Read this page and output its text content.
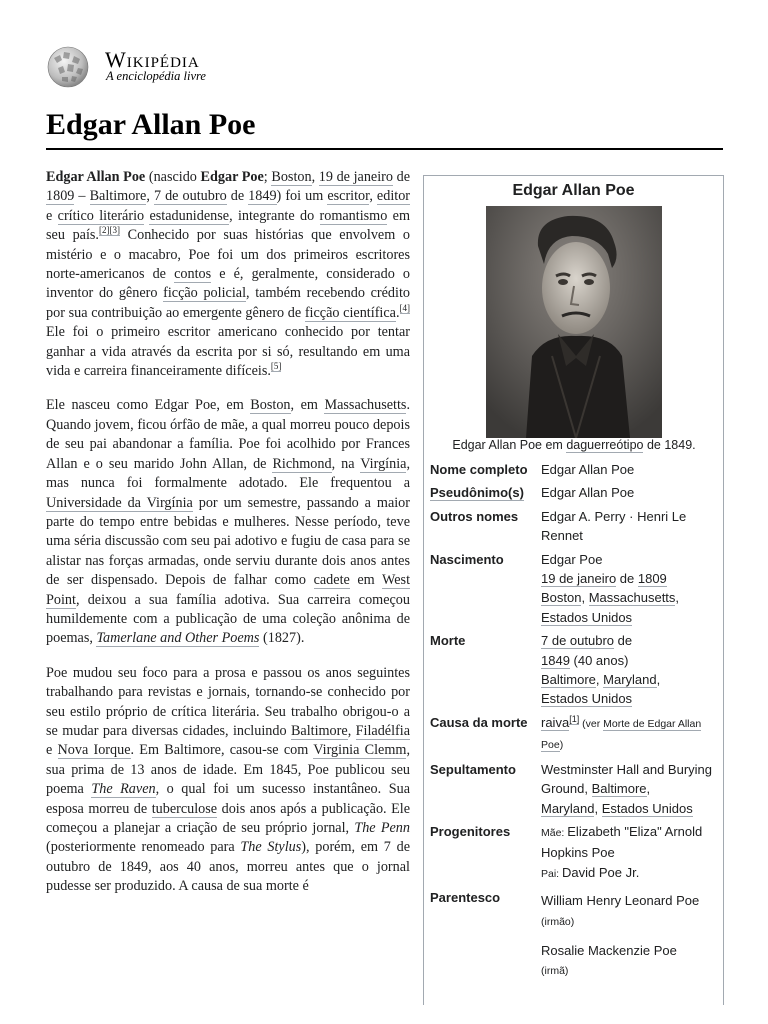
Wikipédia
A enciclopédia livre
Edgar Allan Poe
Edgar Allan Poe
Edgar Allan Poe em daguerreótipo de 1849.
Nome completo	Edgar Allan Poe
Pseudônimo(s)	Edgar Allan Poe
Outros nomes	Edgar A. Perry · Henri Le Rennet
Nascimento	Edgar Poe
19 de janeiro de 1809
Boston, Massachusetts,
Estados Unidos
Morte	7 de outubro de
1849 (40 anos)
Baltimore, Maryland,
Estados Unidos
Causa da morte	raiva[1] (ver Morte de Edgar Allan Poe)
Sepultamento	Westminster Hall and Burying Ground, Baltimore,
Maryland, Estados Unidos
Progenitores	Mãe: Elizabeth "Eliza" Arnold Hopkins Poe
Pai: David Poe Jr.
Parentesco	William Henry Leonard Poe
(irmão)
Rosalie Mackenzie Poe
(irmã)

Edgar Allan Poe (nascido Edgar Poe; Boston, 19 de janeiro de 1809 – Baltimore, 7 de outubro de 1849) foi um escritor, editor e crítico literário estadunidense, integrante do romantismo em seu país.[2][3] Conhecido por suas histórias que envolvem o mistério e o macabro, Poe foi um dos primeiros escritores norte-americanos de contos e é, geralmente, considerado o inventor do gênero ficção policial, também recebendo crédito por sua contribuição ao emergente gênero de ficção científica.[4] Ele foi o primeiro escritor americano conhecido por tentar ganhar a vida através da escrita por si só, resultando em uma vida e carreira financeiramente difíceis.[5]

Ele nasceu como Edgar Poe, em Boston, em Massachusetts. Quando jovem, ficou órfão de mãe, a qual morreu pouco depois de seu pai abandonar a família. Poe foi acolhido por Frances Allan e o seu marido John Allan, de Richmond, na Virgínia, mas nunca foi formalmente adotado. Ele frequentou a Universidade da Virgínia por um semestre, passando a maior parte do tempo entre bebidas e mulheres. Nesse período, teve uma séria discussão com seu pai adotivo e fugiu de casa para se alistar nas forças armadas, onde serviu durante dois anos antes de ser dispensado. Depois de falhar como cadete em West Point, deixou a sua família adotiva. Sua carreira começou humildemente com a publicação de uma coleção anônima de poemas, Tamerlane and Other Poems (1827).

Poe mudou seu foco para a prosa e passou os anos seguintes trabalhando para revistas e jornais, tornando-se conhecido por seu estilo próprio de crítica literária. Seu trabalho obrigou-o a se mudar para diversas cidades, incluindo Baltimore, Filadélfia e Nova Iorque. Em Baltimore, casou-se com Virginia Clemm, sua prima de 13 anos de idade. Em 1845, Poe publicou seu poema The Raven, o qual foi um sucesso instantâneo. Sua esposa morreu de tuberculose dois anos após a publicação. Ele começou a planejar a criação de seu próprio jornal, The Penn (posteriormente renomeado para The Stylus), porém, em 7 de outubro de 1849, aos 40 anos, morreu antes que o jornal pudesse ser produzido. A causa de sua morte é
